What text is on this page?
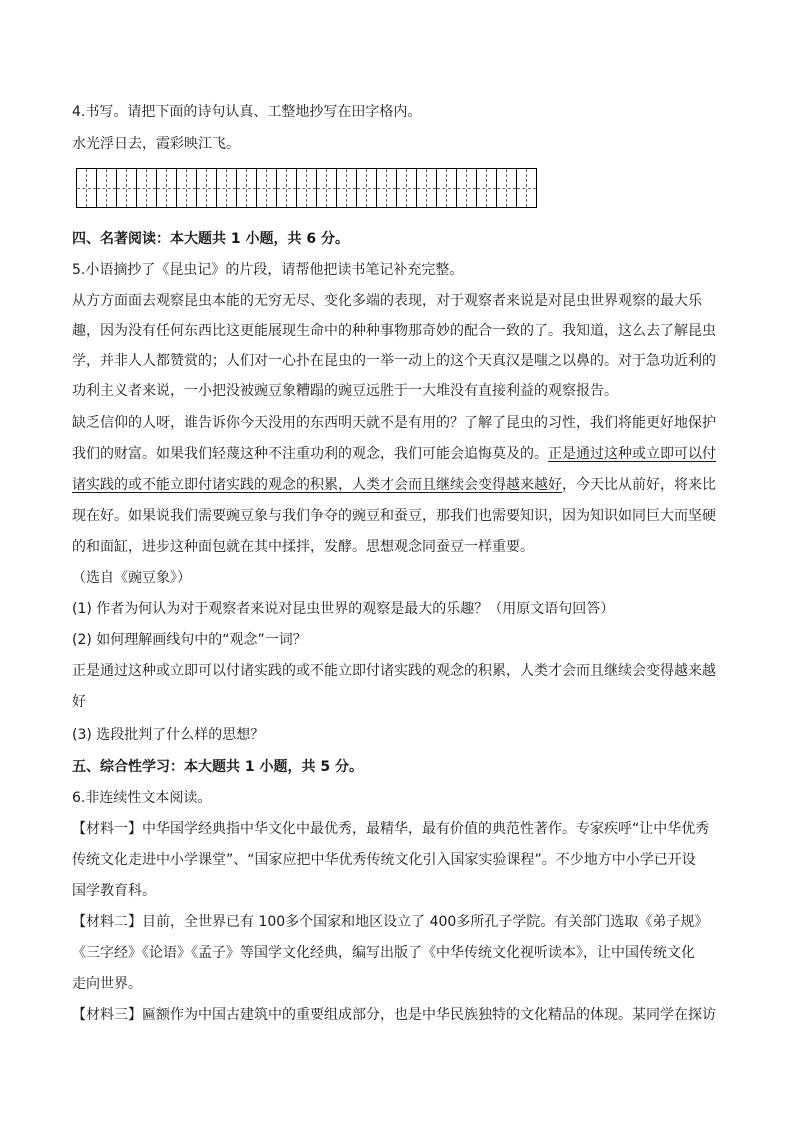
4.书写。请把下面的诗句认真、工整地抄写在田字格内。

水光浮日去，霞彩映江飞。

四、名著阅读：本大题共 1 小题，共 6 分。

5.小语摘抄了《昆虫记》的片段，请帮他把读书笔记补充完整。

从方方面面去观察昆虫本能的无穷无尽、变化多端的表现，对于观察者来说是对昆虫世界观察的最大乐

趣，因为没有任何东西比这更能展现生命中的种种事物那奇妙的配合一致的了。我知道，这么去了解昆虫

学，并非人人都赞赏的；人们对一心扑在昆虫的一举一动上的这个天真汉是嗤之以鼻的。对于急功近利的

功利主义者来说，一小把没被豌豆象糟蹋的豌豆远胜于一大堆没有直接利益的观察报告。

缺乏信仰的人呀，谁告诉你今天没用的东西明天就不是有用的？了解了昆虫的习性，我们将能更好地保护

我们的财富。如果我们轻蔑这种不注重功利的观念，我们可能会追悔莫及的。正是通过这种或立即可以付

诸实践的或不能立即付诸实践的观念的积累，人类才会而且继续会变得越来越好，今天比从前好，将来比

现在好。如果说我们需要豌豆象与我们争夺的豌豆和蚕豆，那我们也需要知识，因为知识如同巨大而坚硬

的和面缸，进步这种面包就在其中揉拌，发酵。思想观念同蚕豆一样重要。

（选自《豌豆象》）

(1) 作者为何认为对于观察者来说对昆虫世界的观察是最大的乐趣？（用原文语句回答）

(2) 如何理解画线句中的“观念”一词？

正是通过这种或立即可以付诸实践的或不能立即付诸实践的观念的积累，人类才会而且继续会变得越来越

好

(3) 选段批判了什么样的思想？

五、综合性学习：本大题共 1 小题，共 5 分。

6.非连续性文本阅读。

【材料一】中华国学经典指中华文化中最优秀，最精华，最有价值的典范性著作。专家疾呼“让中华优秀

传统文化走进中小学课堂”、“国家应把中华优秀传统文化引入国家实验课程”。不少地方中小学已开设

国学教育科。

【材料二】目前，全世界已有 100多个国家和地区设立了 400多所孔子学院。有关部门选取《弟子规》

《三字经》《论语》《孟子》等国学文化经典，编写出版了《中华传统文化视听读本》，让中国传统文化

走向世界。

【材料三】匾额作为中国古建筑中的重要组成部分，也是中华民族独特的文化精品的体现。某同学在探访
